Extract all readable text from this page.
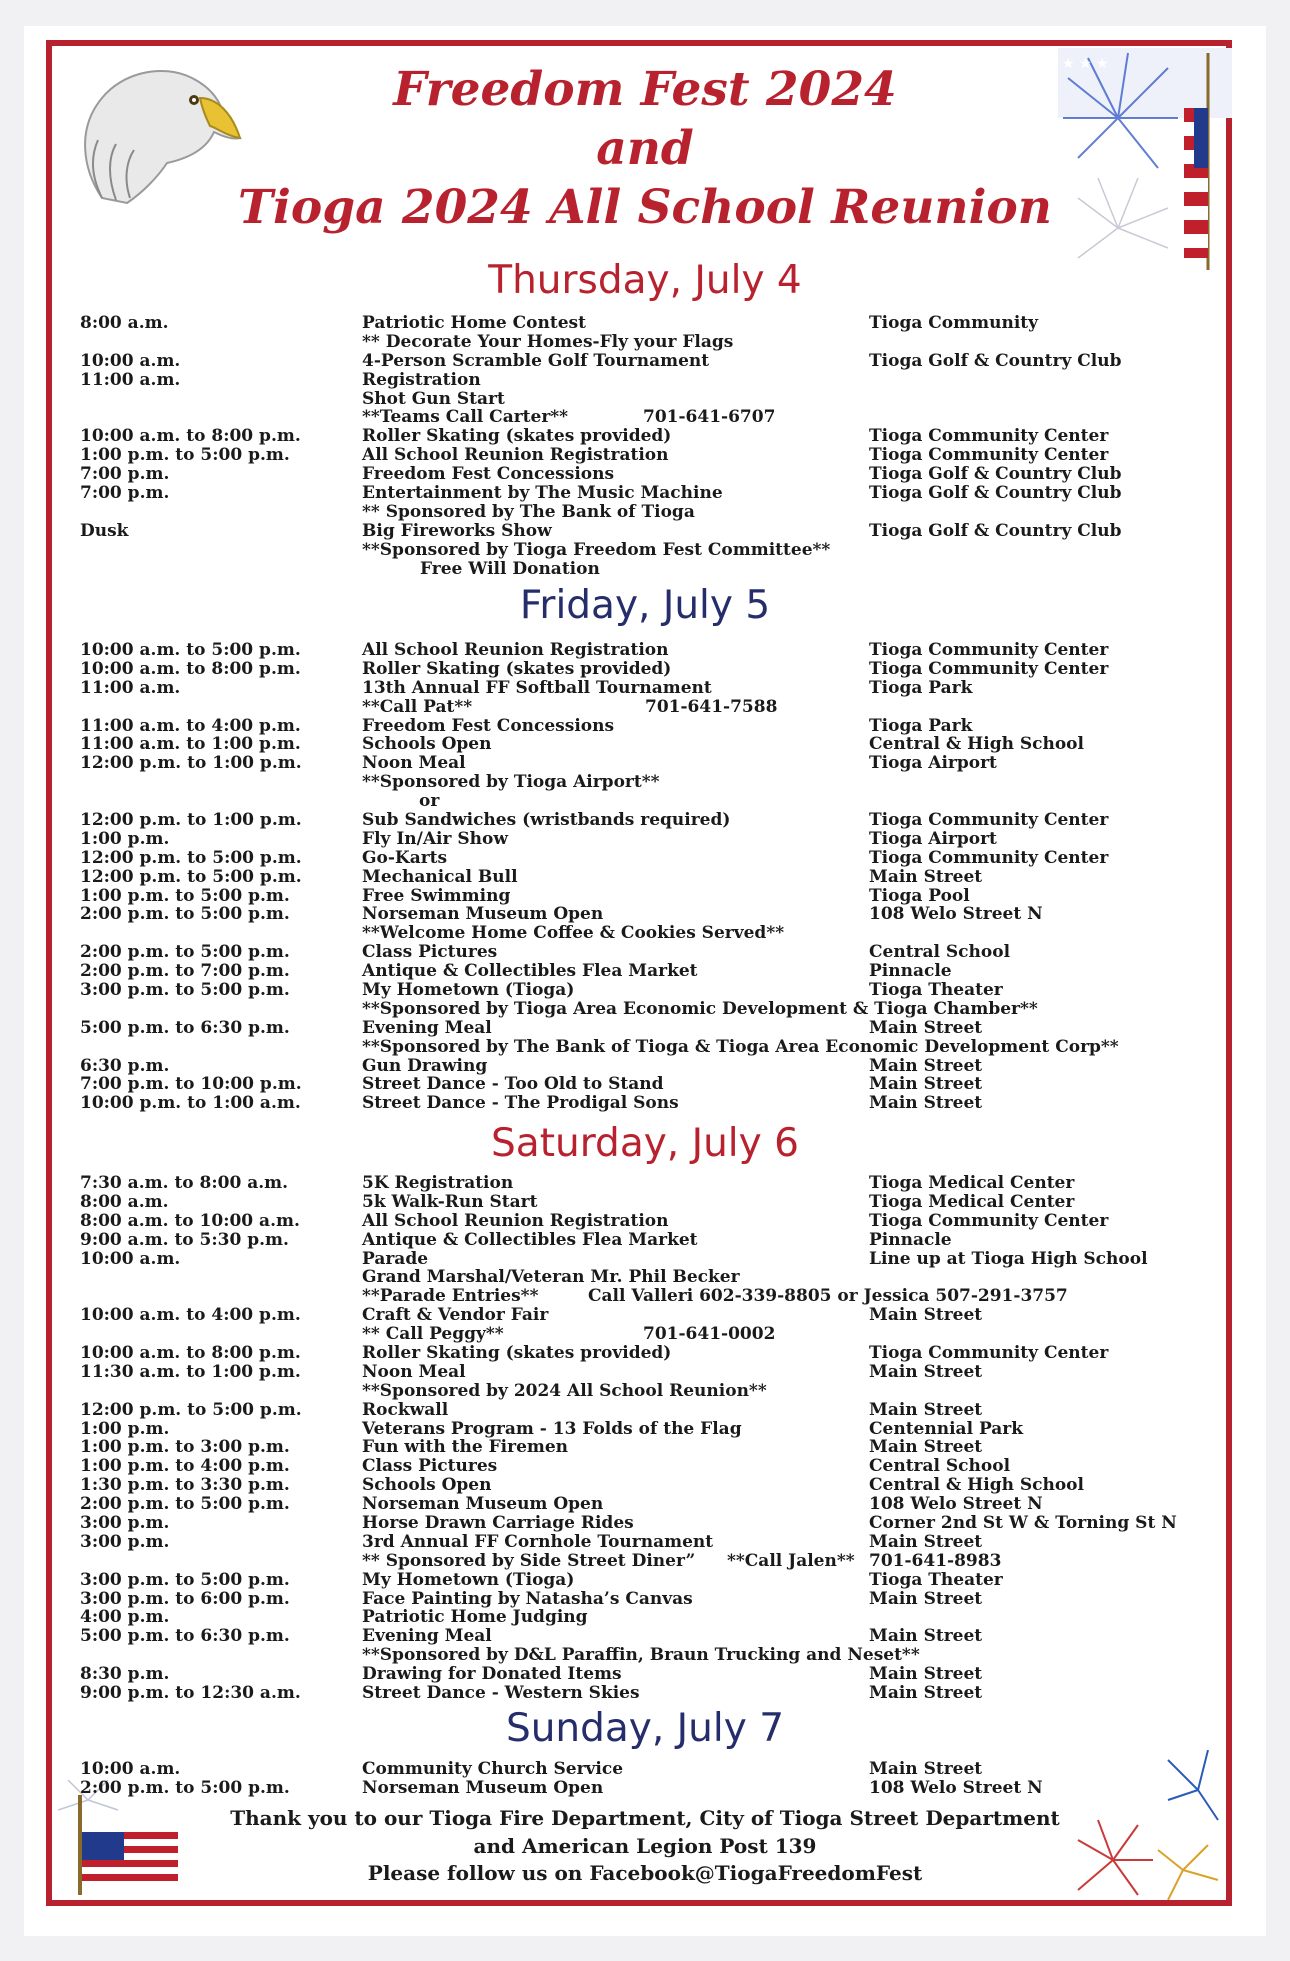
★ ★ ★
Freedom Fest 2024
and
Tioga 2024 All School Reunion
Thursday, July 4
Friday, July 5
Saturday, July 6
Sunday, July 7
8:00 a.m.	Patriotic Home Contest	Tioga Community
** Decorate Your Homes-Fly your Flags
10:00 a.m.	4-Person Scramble Golf Tournament	Tioga Golf & Country Club
11:00 a.m.	Registration
Shot Gun Start
**Teams Call Carter**	701-641-6707
10:00 a.m. to 8:00 p.m.	Roller Skating (skates provided)	Tioga Community Center
1:00 p.m. to 5:00 p.m.	All School Reunion Registration	Tioga Community Center
7:00 p.m.	Freedom Fest Concessions	Tioga Golf & Country Club
7:00 p.m.	Entertainment by The Music Machine	Tioga Golf & Country Club
** Sponsored by The Bank of Tioga
Dusk	Big Fireworks Show	Tioga Golf & Country Club
**Sponsored by Tioga Freedom Fest Committee**
Free Will Donation
10:00 a.m. to 5:00 p.m.	All School Reunion Registration	Tioga Community Center
10:00 a.m. to 8:00 p.m.	Roller Skating (skates provided)	Tioga Community Center
11:00 a.m.	13th Annual FF Softball Tournament	Tioga Park
**Call Pat**	701-641-7588
11:00 a.m. to 4:00 p.m.	Freedom Fest Concessions	Tioga Park
11:00 a.m. to 1:00 p.m.	Schools Open	Central & High School
12:00 p.m. to 1:00 p.m.	Noon Meal	Tioga Airport
**Sponsored by Tioga Airport**
or
12:00 p.m. to 1:00 p.m.	Sub Sandwiches (wristbands required)	Tioga Community Center
1:00 p.m.	Fly In/Air Show	Tioga Airport
12:00 p.m. to 5:00 p.m.	Go-Karts	Tioga Community Center
12:00 p.m. to 5:00 p.m.	Mechanical Bull	Main Street
1:00 p.m. to 5:00 p.m.	Free Swimming	Tioga Pool
2:00 p.m. to 5:00 p.m.	Norseman Museum Open	108 Welo Street N
**Welcome Home Coffee & Cookies Served**
2:00 p.m. to 5:00 p.m.	Class Pictures	Central School
2:00 p.m. to 7:00 p.m.	Antique & Collectibles Flea Market	Pinnacle
3:00 p.m. to 5:00 p.m.	My Hometown (Tioga)	Tioga Theater
**Sponsored by Tioga Area Economic Development & Tioga Chamber**
5:00 p.m. to 6:30 p.m.	Evening Meal	Main Street
**Sponsored by The Bank of Tioga & Tioga Area Economic Development Corp**
6:30 p.m.	Gun Drawing	Main Street
7:00 p.m. to 10:00 p.m.	Street Dance - Too Old to Stand	Main Street
10:00 p.m. to 1:00 a.m.	Street Dance - The Prodigal Sons	Main Street
7:30 a.m. to 8:00 a.m.	5K Registration	Tioga Medical Center
8:00 a.m.	5k Walk-Run Start	Tioga Medical Center
8:00 a.m. to 10:00 a.m.	All School Reunion Registration	Tioga Community Center
9:00 a.m. to 5:30 p.m.	Antique & Collectibles Flea Market	Pinnacle
10:00 a.m.	Parade	Line up at Tioga High School
Grand Marshal/Veteran Mr. Phil Becker
**Parade Entries**	Call Valleri 602-339-8805 or Jessica 507-291-3757
10:00 a.m. to 4:00 p.m.	Craft & Vendor Fair	Main Street
** Call Peggy**	701-641-0002
10:00 a.m. to 8:00 p.m.	Roller Skating (skates provided)	Tioga Community Center
11:30 a.m. to 1:00 p.m.	Noon Meal	Main Street
**Sponsored by 2024 All School Reunion**
12:00 p.m. to 5:00 p.m.	Rockwall	Main Street
1:00 p.m.	Veterans Program - 13 Folds of the Flag	Centennial Park
1:00 p.m. to 3:00 p.m.	Fun with the Firemen	Main Street
1:00 p.m. to 4:00 p.m.	Class Pictures	Central School
1:30 p.m. to 3:30 p.m.	Schools Open	Central & High School
2:00 p.m. to 5:00 p.m.	Norseman Museum Open	108 Welo Street N
3:00 p.m.	Horse Drawn Carriage Rides	Corner 2nd St W & Torning St N
3:00 p.m.	3rd Annual FF Cornhole Tournament	Main Street
** Sponsored by Side Street Diner” **Call Jalen** 701-641-8983
3:00 p.m. to 5:00 p.m.	My Hometown (Tioga)	Tioga Theater
3:00 p.m. to 6:00 p.m.	Face Painting by Natasha’s Canvas	Main Street
4:00 p.m.	Patriotic Home Judging
5:00 p.m. to 6:30 p.m.	Evening Meal	Main Street
**Sponsored by D&L Paraffin, Braun Trucking and Neset**
8:30 p.m.	Drawing for Donated Items	Main Street
9:00 p.m. to 12:30 a.m.	Street Dance - Western Skies	Main Street
10:00 a.m.	Community Church Service	Main Street
2:00 p.m. to 5:00 p.m.	Norseman Museum Open	108 Welo Street N
Thank you to our Tioga Fire Department, City of Tioga Street Department
and American Legion Post 139
Please follow us on Facebook@TiogaFreedomFest
